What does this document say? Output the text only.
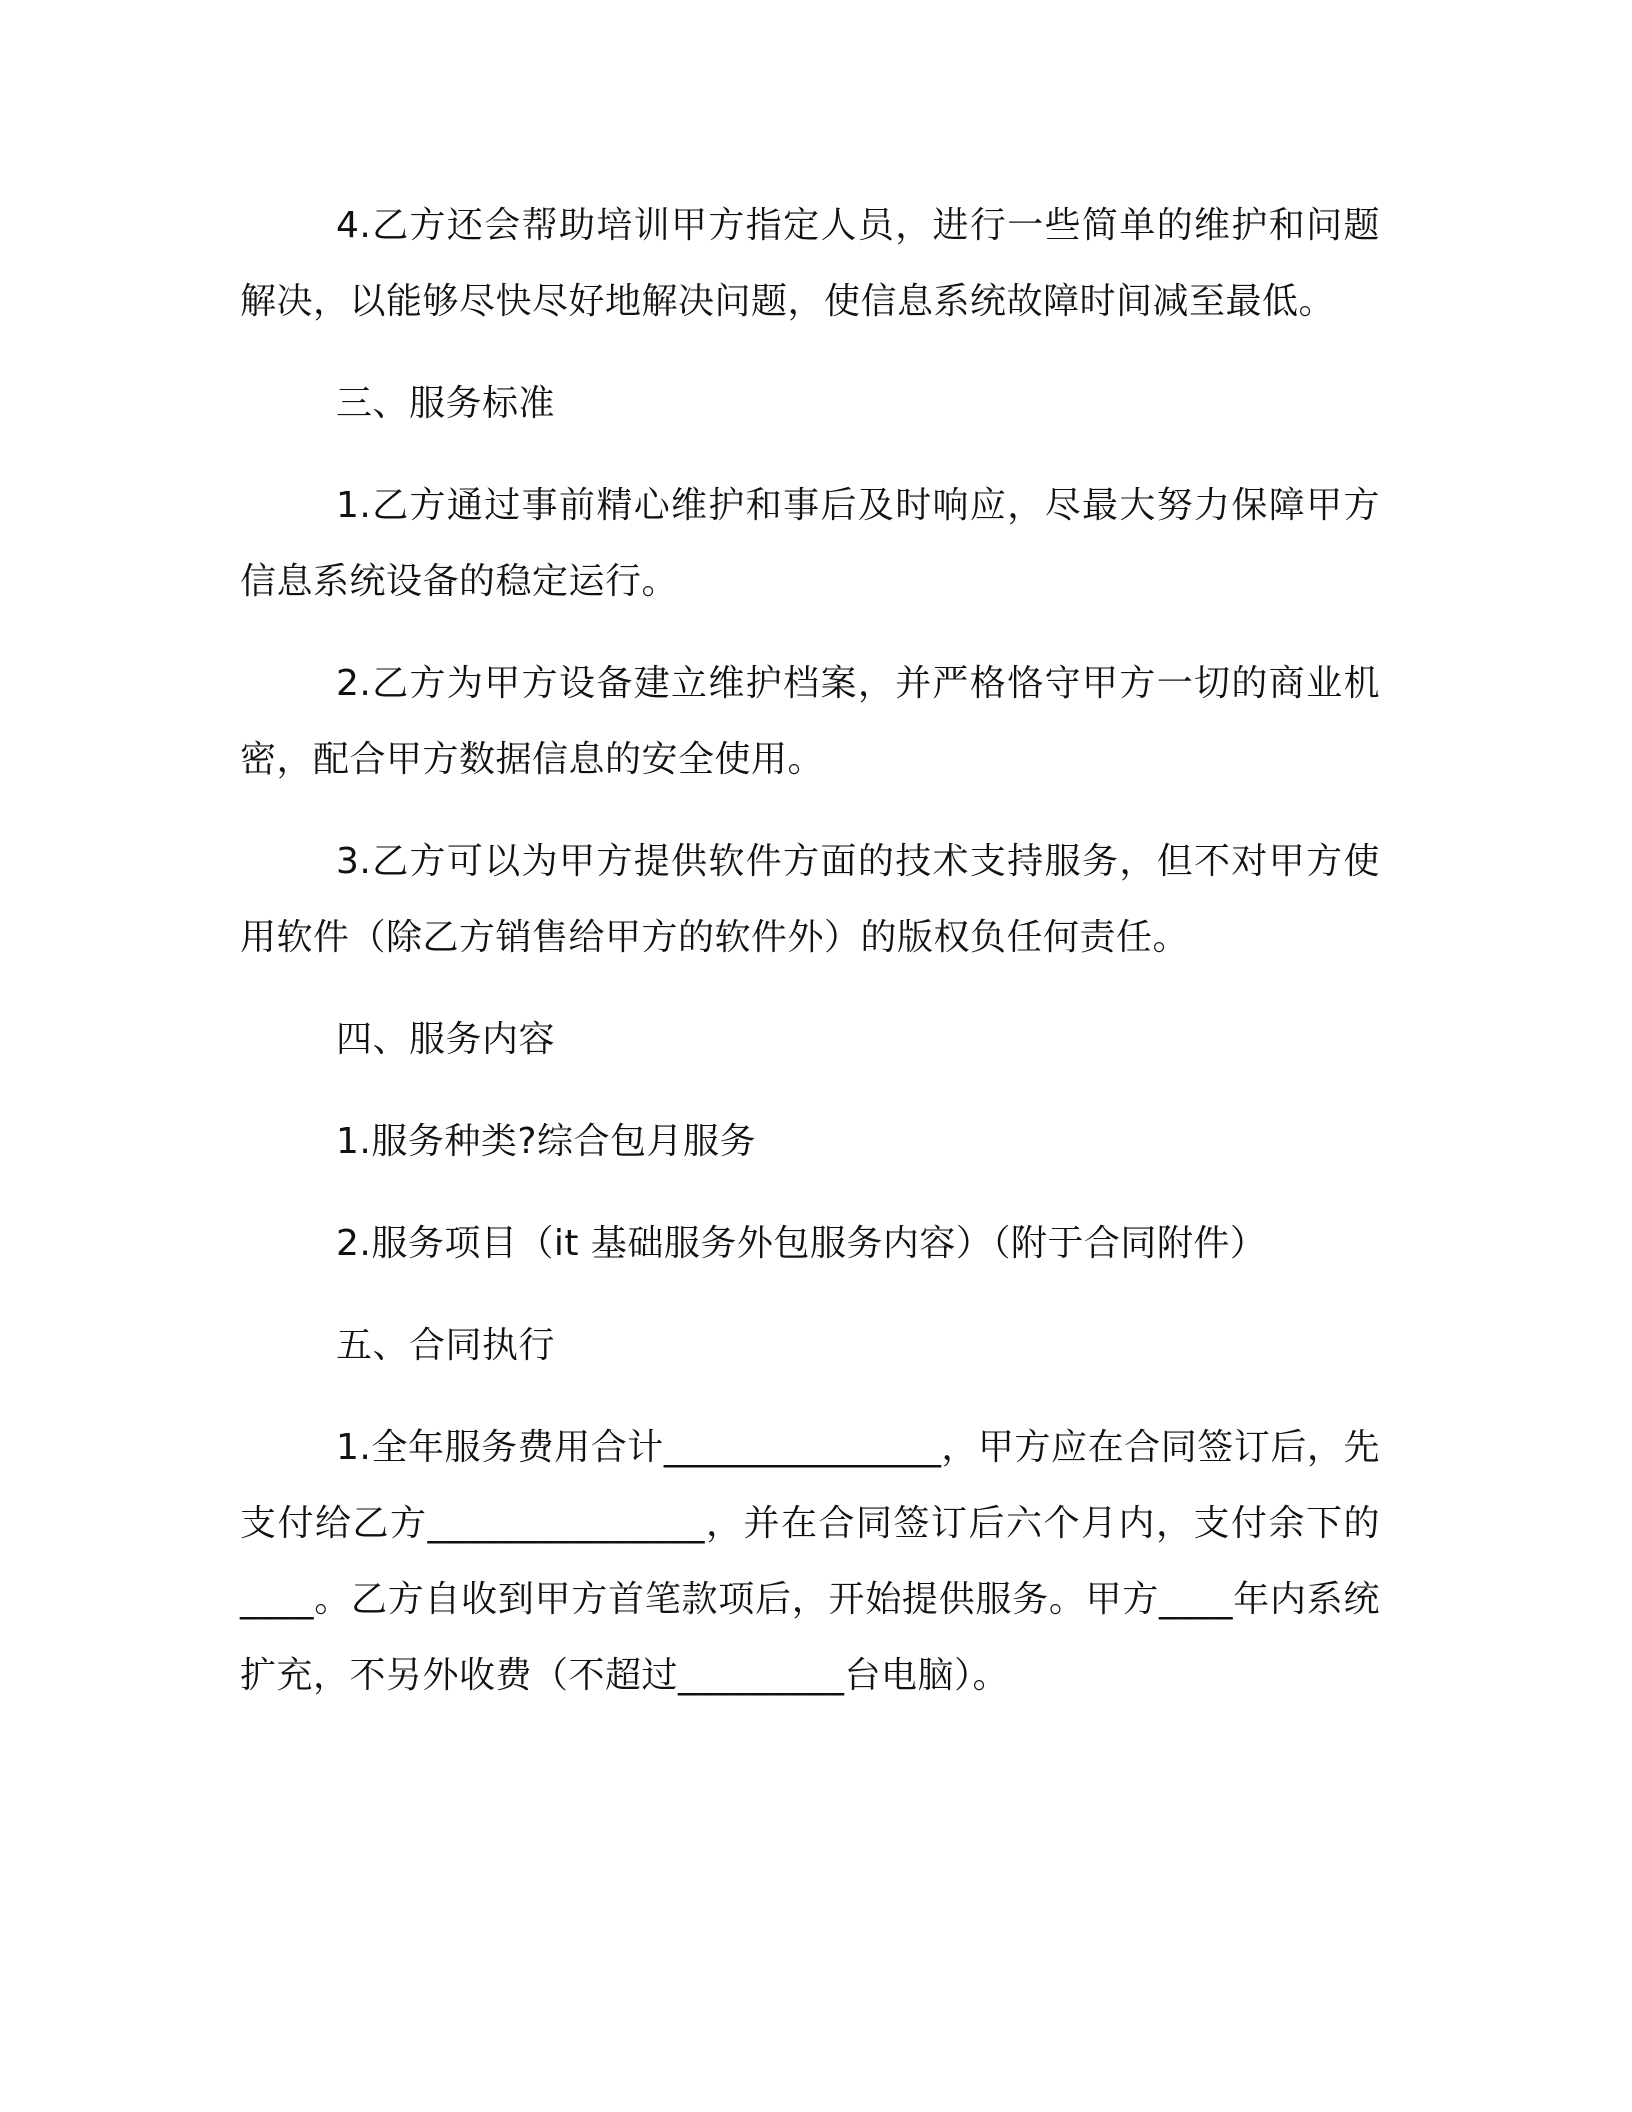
4.乙方还会帮助培训甲方指定人员，进行一些简单的维护和问题解决，以能够尽快尽好地解决问题，使信息系统故障时间减至最低。

三、服务标准

1.乙方通过事前精心维护和事后及时响应，尽最大努力保障甲方信息系统设备的稳定运行。

2.乙方为甲方设备建立维护档案，并严格恪守甲方一切的商业机密，配合甲方数据信息的安全使用。

3.乙方可以为甲方提供软件方面的技术支持服务，但不对甲方使用软件（除乙方销售给甲方的软件外）的版权负任何责任。

四、服务内容

1.服务种类?综合包月服务

2.服务项目（it 基础服务外包服务内容）（附于合同附件）

五、合同执行

1.全年服务费用合计_______________，甲方应在合同签订后，先支付给乙方_______________，并在合同签订后六个月内，支付余下的____。乙方自收到甲方首笔款项后，开始提供服务。甲方____年内系统扩充，不另外收费（不超过_________台电脑）。
